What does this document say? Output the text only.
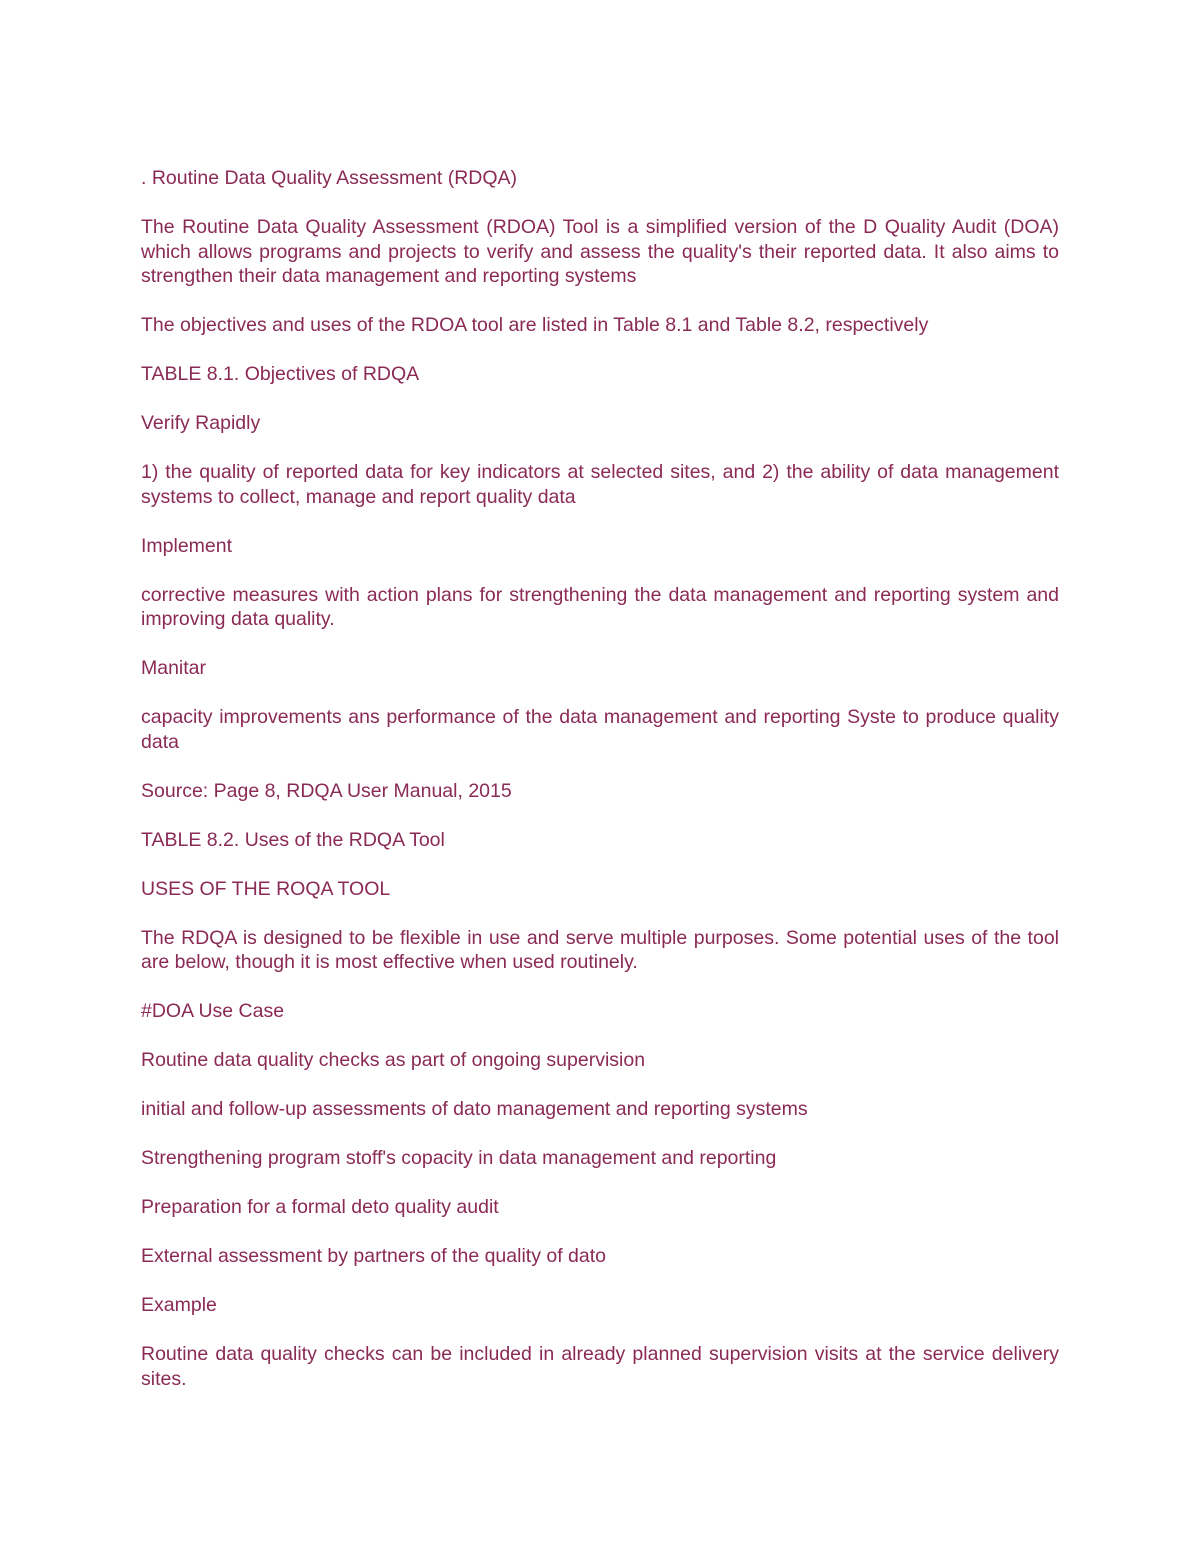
. Routine Data Quality Assessment (RDQA)

The Routine Data Quality Assessment (RDOA) Tool is a simplified version of the D Quality Audit (DOA) which allows programs and projects to verify and assess the quality's their reported data. It also aims to strengthen their data management and reporting systems

The objectives and uses of the RDOA tool are listed in Table 8.1 and Table 8.2, respectively

TABLE 8.1. Objectives of RDQA

Verify Rapidly

1) the quality of reported data for key indicators at selected sites, and 2) the ability of data management systems to collect, manage and report quality data

Implement

corrective measures with action plans for strengthening the data management and reporting system and improving data quality.

Manitar

capacity improvements ans performance of the data management and reporting Syste to produce quality data

Source: Page 8, RDQA User Manual, 2015

TABLE 8.2. Uses of the RDQA Tool

USES OF THE ROQA TOOL

The RDQA is designed to be flexible in use and serve multiple purposes. Some potential uses of the tool are below, though it is most effective when used routinely.

#DOA Use Case

Routine data quality checks as part of ongoing supervision

initial and follow-up assessments of dato management and reporting systems

Strengthening program stoff's copacity in data management and reporting

Preparation for a formal deto quality audit

External assessment by partners of the quality of dato

Example

Routine data quality checks can be included in already planned supervision visits at the service delivery sites.
